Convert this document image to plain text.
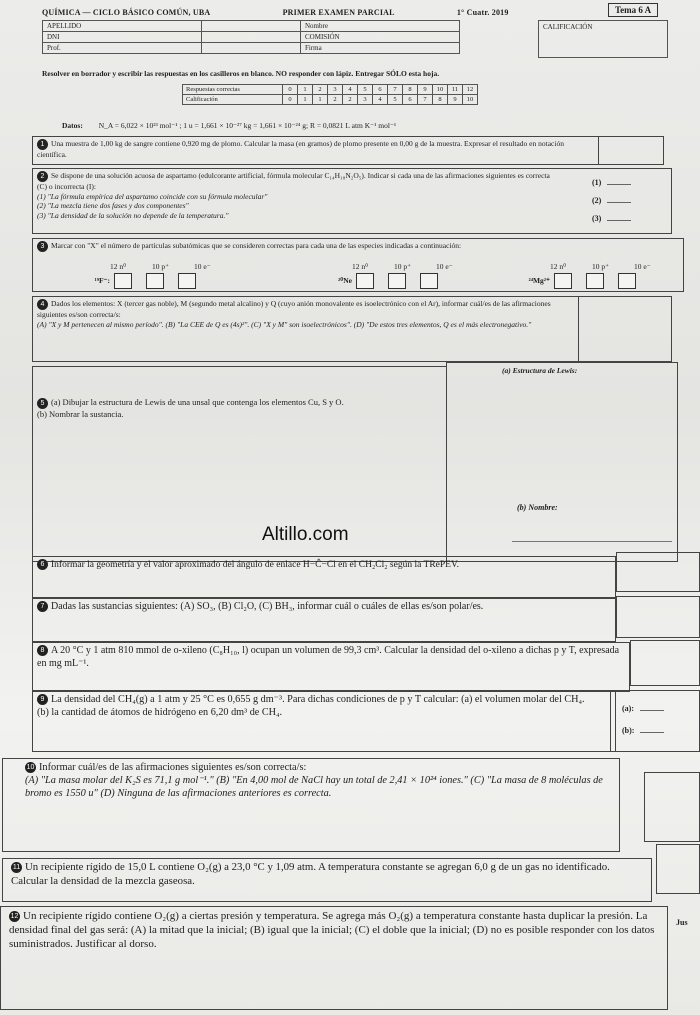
QUÍMICA — CICLO BÁSICO COMÚN, UBA	PRIMER EXAMEN PARCIAL	1° Cuatr. 2019	Tema 6 A
APELLIDO		Nombre
DNI		COMISIÓN
Prof.		Firma
CALIFICACIÓN
Resolver en borrador y escribir las respuestas en los casilleros en blanco. NO responder con lápiz. Entregar SÓLO esta hoja.
Respuestas correctas	0	1	2	3	4	5	6	7	8	9	10	11	12
Calificación	0	1	1	2	2	3	4	5	6	7	8	9	10
Datos: N_A = 6,022 × 10²³ mol⁻¹ ; 1 u = 1,661 × 10⁻²⁷ kg = 1,661 × 10⁻²⁴ g; R = 0,0821 L atm K⁻¹ mol⁻¹
1 Una muestra de 1,00 kg de sangre contiene 0,920 mg de plomo. Calcular la masa (en gramos) de plomo presente en 0,00 g de la muestra. Expresar el resultado en notación científica.
2 Se dispone de una solución acuosa de aspartamo (edulcorante artificial, fórmula molecular C₁₄H₁₈N₂O₅). Indicar si cada una de las afirmaciones siguientes es correcta (C) o incorrecta (I):
(1) "La fórmula empírica del aspartamo coincide con su fórmula molecular"
(2) "La mezcla tiene dos fases y dos componentes"
(3) "La densidad de la solución no depende de la temperatura."
(1)
(2)
(3)
3 Marcar con "X" el número de partículas subatómicas que se consideren correctas para cada una de las especies indicadas a continuación:
12 n⁰	10 p⁺	10 e⁻
¹⁹F⁻:
12 n⁰	10 p⁺	10 e⁻
²⁰Ne
12 n⁰	10 p⁺	10 e⁻
²⁴Mg²⁺
4 Dados los elementos: X (tercer gas noble), M (segundo metal alcalino) y Q (cuyo anión monovalente es isoelectrónico con el Ar), informar cuál/es de las afirmaciones siguientes es/son correcta/s:
(A) "X y M pertenecen al mismo período". (B) "La CEE de Q es (4s)²". (C) "X y M" son isoelectrónicos". (D) "De estos tres elementos, Q es el más electronegativo."
5 (a) Dibujar la estructura de Lewis de una unsal que contenga los elementos Cu, S y O.
(b) Nombrar la sustancia.
(a) Estructura de Lewis:
(b) Nombre:
Altillo.com
6 Informar la geometría y el valor aproximado del ángulo de enlace H−Ĉ−Cl en el CH₂Cl₂ según la TRePEV.
7 Dadas las sustancias siguientes: (A) SO₃, (B) Cl₂O, (C) BH₃, informar cuál o cuáles de ellas es/son polar/es.
8 A 20 °C y 1 atm 810 mmol de o-xileno (C₈H₁₀, l) ocupan un volumen de 99,3 cm³. Calcular la densidad del o-xileno a dichas p y T, expresada en mg mL⁻¹.
9 La densidad del CH₄(g) a 1 atm y 25 °C es 0,655 g dm⁻³. Para dichas condiciones de p y T calcular: (a) el volumen molar del CH₄. (b) la cantidad de átomos de hidrógeno en 6,20 dm³ de CH₄.	(a):
(b):
10 Informar cuál/es de las afirmaciones siguientes es/son correcta/s:
(A) "La masa molar del K₂S es 71,1 g mol⁻¹." (B) "En 4,00 mol de NaCl hay un total de 2,41 × 10²⁴ iones." (C) "La masa de 8 moléculas de bromo es 1550 u" (D) Ninguna de las afirmaciones anteriores es correcta.
11 Un recipiente rígido de 15,0 L contiene O₂(g) a 23,0 °C y 1,09 atm. A temperatura constante se agregan 6,0 g de un gas no identificado. Calcular la densidad de la mezcla gaseosa.
12 Un recipiente rígido contiene O₂(g) a ciertas presión y temperatura. Se agrega más O₂(g) a temperatura constante hasta duplicar la presión. La densidad final del gas será: (A) la mitad que la inicial; (B) igual que la inicial; (C) el doble que la inicial; (D) no es posible responder con los datos suministrados. Justificar al dorso.
Jus
